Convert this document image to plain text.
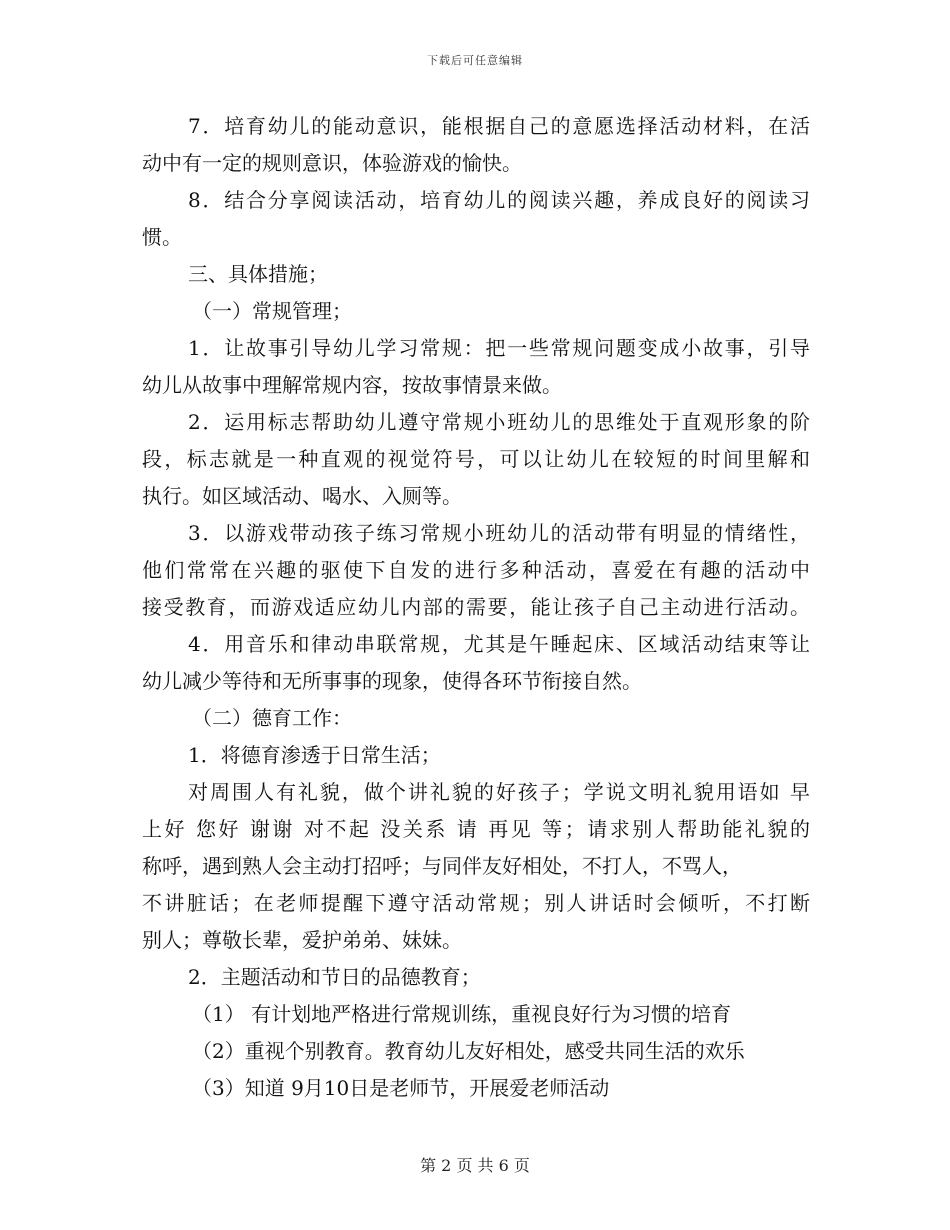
下载后可任意编辑
7．培育幼儿的能动意识，能根据自己的意愿选择活动材料，在活
动中有一定的规则意识，体验游戏的愉快。
8．结合分享阅读活动，培育幼儿的阅读兴趣，养成良好的阅读习
惯。
三、具体措施；
（一）常规管理；
1．让故事引导幼儿学习常规：把一些常规问题变成小故事，引导
幼儿从故事中理解常规内容，按故事情景来做。
2．运用标志帮助幼儿遵守常规小班幼儿的思维处于直观形象的阶
段，标志就是一种直观的视觉符号，可以让幼儿在较短的时间里解和
执行。如区域活动、喝水、入厕等。
3．以游戏带动孩子练习常规小班幼儿的活动带有明显的情绪性，
他们常常在兴趣的驱使下自发的进行多种活动，喜爱在有趣的活动中
接受教育，而游戏适应幼儿内部的需要，能让孩子自己主动进行活动。
4．用音乐和律动串联常规，尤其是午睡起床、区域活动结束等让
幼儿减少等待和无所事事的现象，使得各环节衔接自然。
（二）德育工作：
1．将德育渗透于日常生活；
对周围人有礼貌，做个讲礼貌的好孩子；学说文明礼貌用语如 早
上好 您好 谢谢 对不起 没关系 请 再见 等；请求别人帮助能礼貌的
称呼，遇到熟人会主动打招呼；与同伴友好相处，不打人，不骂人，
不讲脏话；在老师提醒下遵守活动常规；别人讲话时会倾听，不打断
别人；尊敬长辈，爱护弟弟、妹妹。
2．主题活动和节日的品德教育；
（1） 有计划地严格进行常规训练，重视良好行为习惯的培育
（2）重视个别教育。教育幼儿友好相处，感受共同生活的欢乐
（3）知道 9月10日是老师节，开展爱老师活动
第 2 页 共 6 页
